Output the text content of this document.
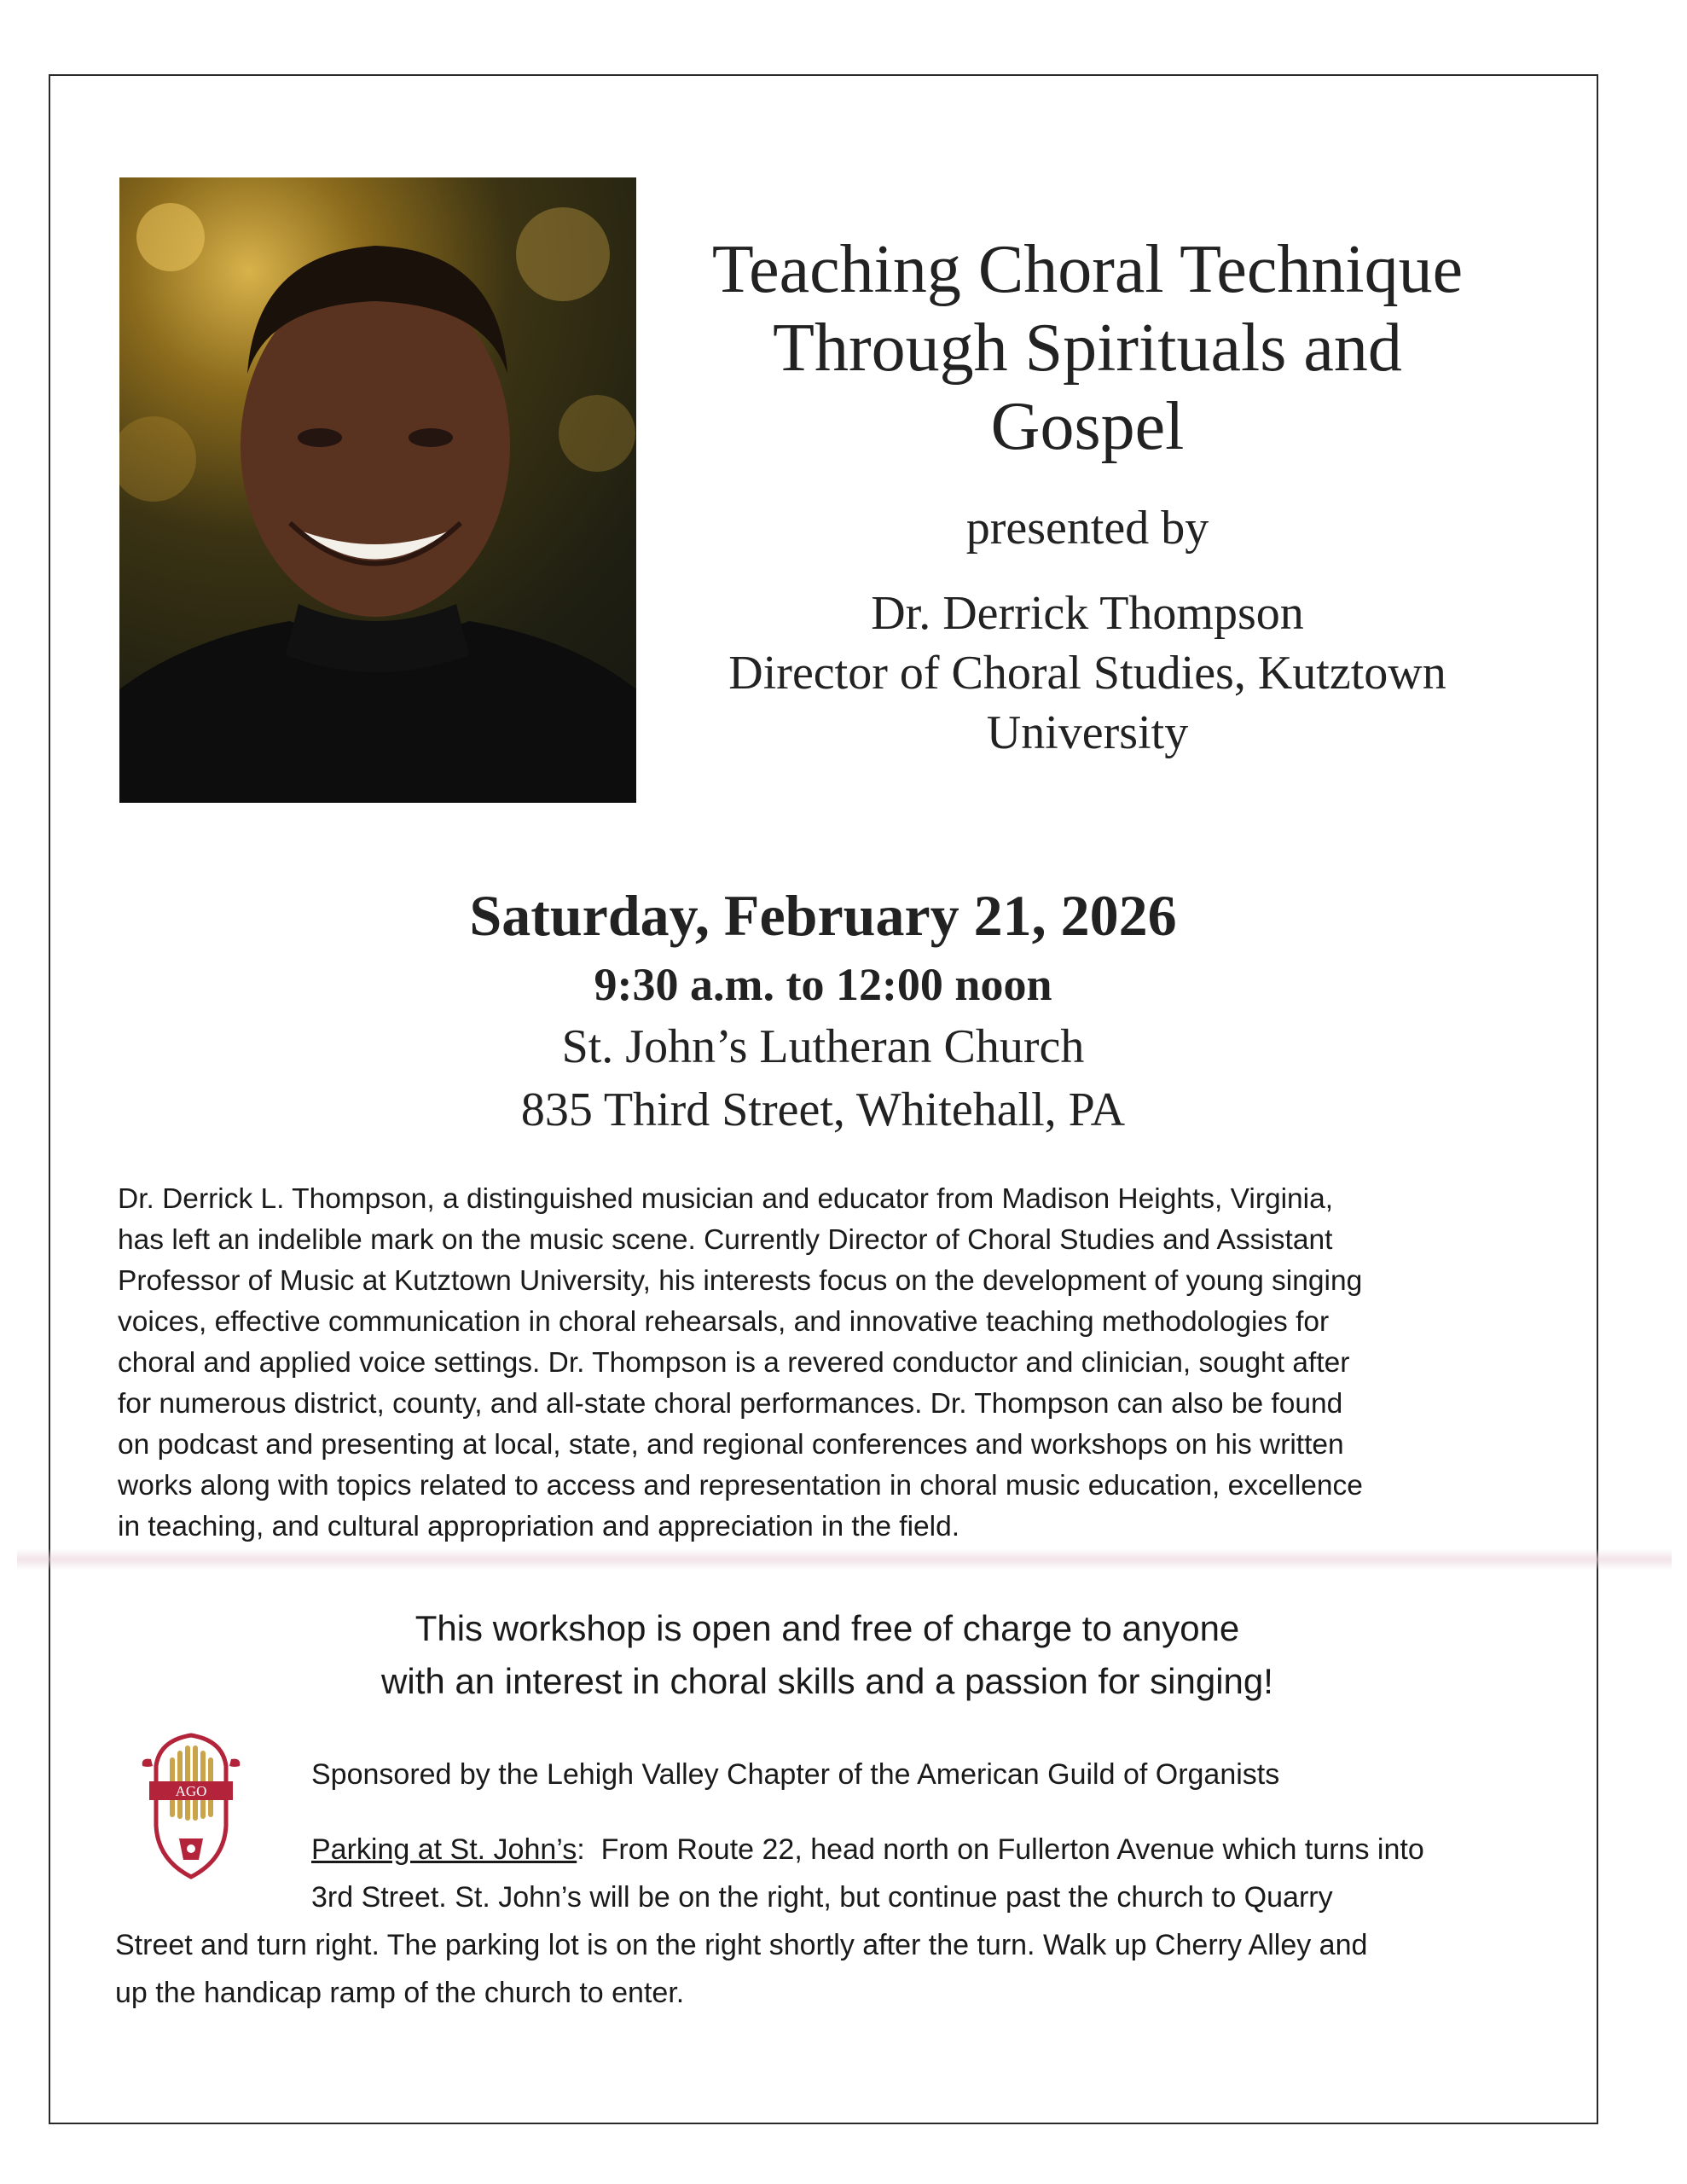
Teaching Choral Technique
Through Spirituals and
Gospel
presented by
Dr. Derrick Thompson
Director of Choral Studies, Kutztown
University
Saturday, February 21, 2026
9:30 a.m. to 12:00 noon
St. John’s Lutheran Church
835 Third Street, Whitehall, PA
Dr. Derrick L. Thompson, a distinguished musician and educator from Madison Heights, Virginia,
has left an indelible mark on the music scene. Currently Director of Choral Studies and Assistant
Professor of Music at Kutztown University, his interests focus on the development of young singing
voices, effective communication in choral rehearsals, and innovative teaching methodologies for
choral and applied voice settings. Dr. Thompson is a revered conductor and clinician, sought after
for numerous district, county, and all-state choral performances. Dr. Thompson can also be found
on podcast and presenting at local, state, and regional conferences and workshops on his written
works along with topics related to access and representation in choral music education, excellence
in teaching, and cultural appropriation and appreciation in the field.
This workshop is open and free of charge to anyone
with an interest in choral skills and a passion for singing!
AGO
Sponsored by the Lehigh Valley Chapter of the American Guild of Organists
Parking at St. John’s:  From Route 22, head north on Fullerton Avenue which turns into
3rd Street. St. John’s will be on the right, but continue past the church to Quarry
Street and turn right. The parking lot is on the right shortly after the turn. Walk up Cherry Alley and
up the handicap ramp of the church to enter.
